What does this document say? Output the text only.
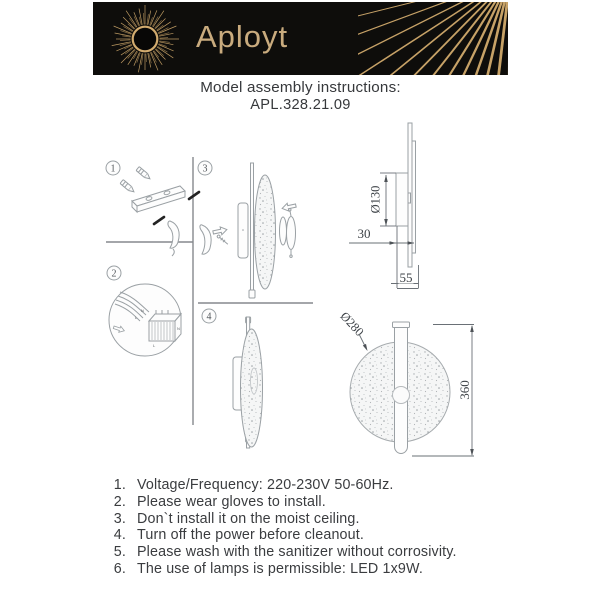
Aployt
Model assembly instructions:
APL.328.21.09
1
2
3
4
N
L
L
N
Ø130
30
55
Ø280
360
1. Voltage/Frequency: 220-230V 50-60Hz.
2. Please wear gloves to install.
3. Don`t install it on the moist ceiling.
4. Turn off the power before cleanout.
5. Please wash with the sanitizer without corrosivity.
6. The use of lamps is permissible: LED 1x9W.
